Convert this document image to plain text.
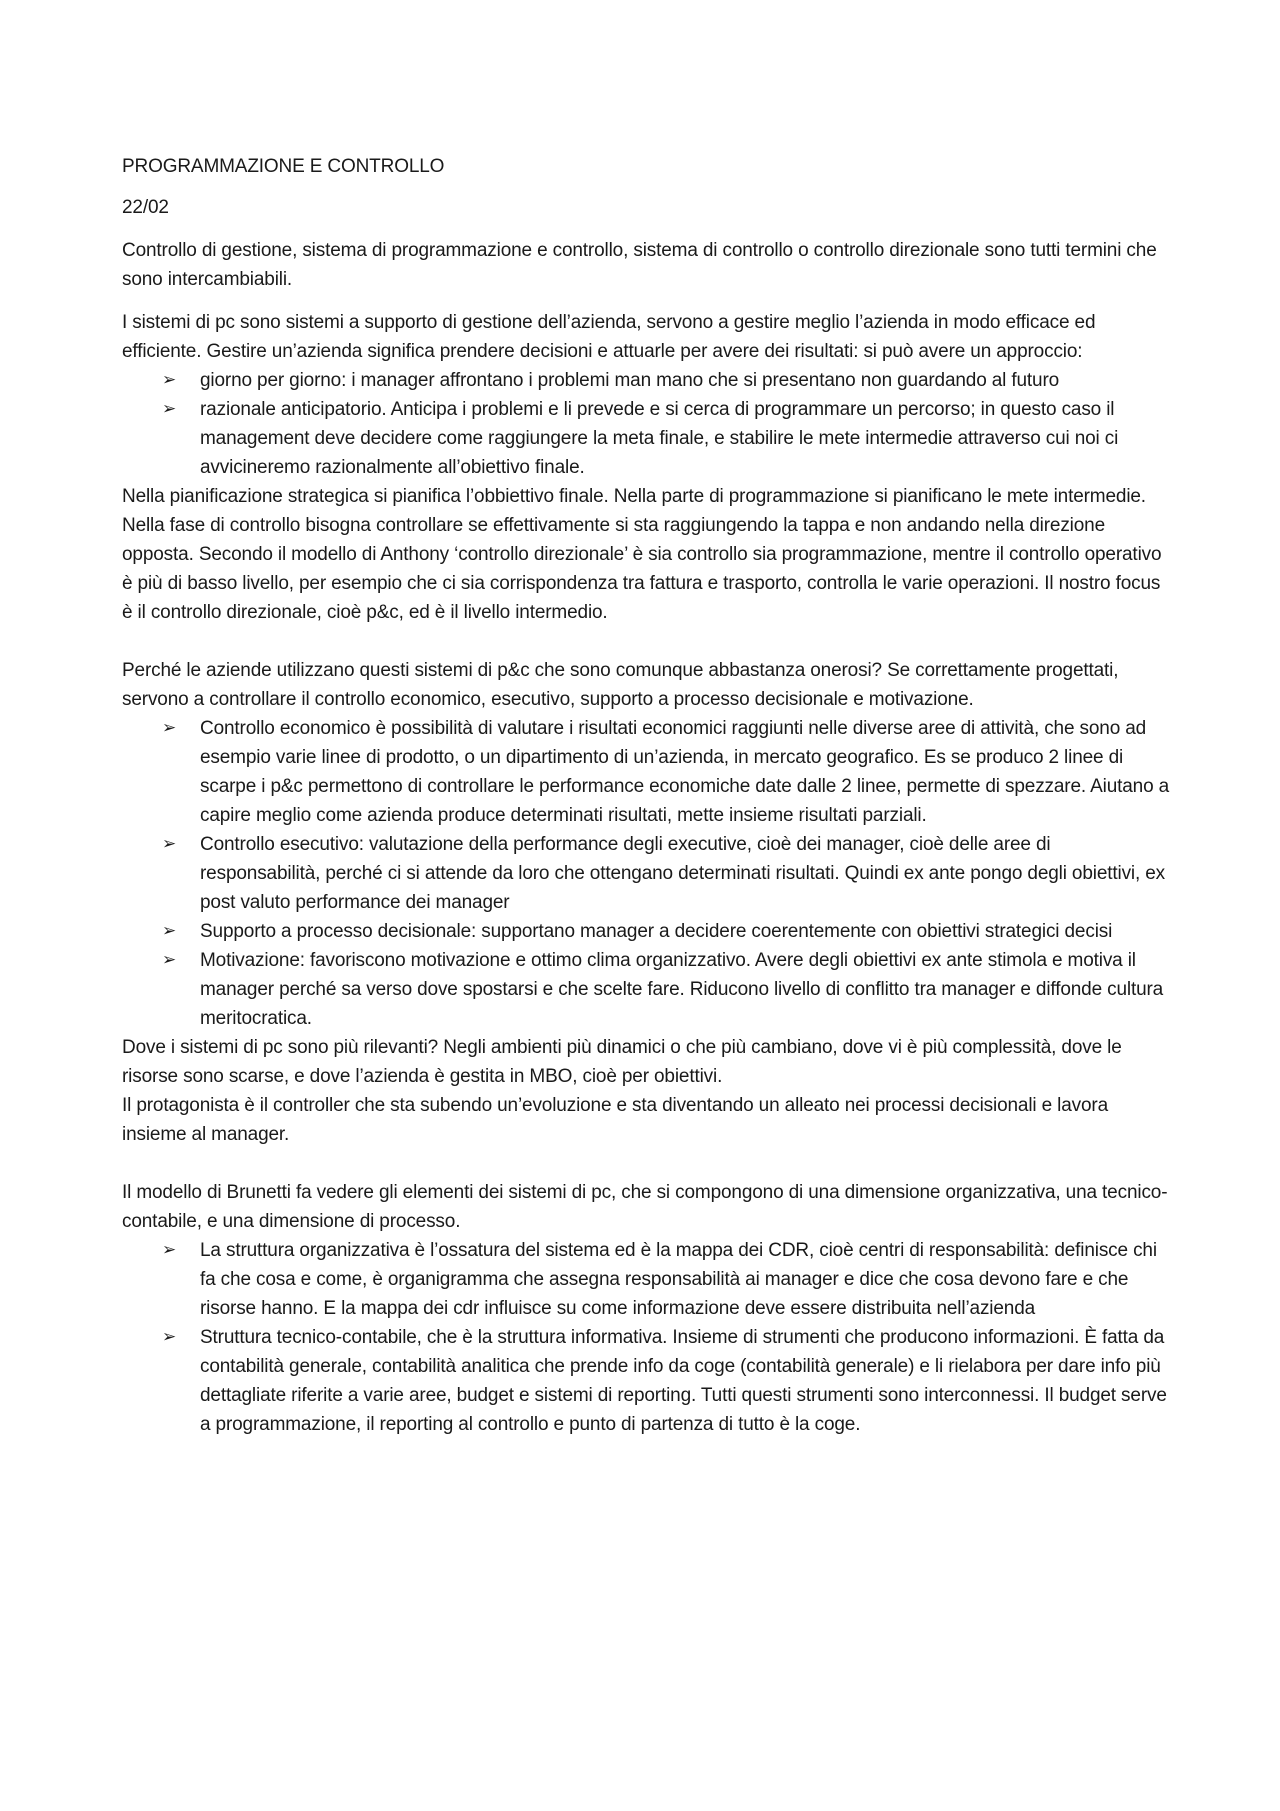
PROGRAMMAZIONE E CONTROLLO

22/02

Controllo di gestione, sistema di programmazione e controllo, sistema di controllo o controllo direzionale sono tutti termini che sono intercambiabili.

I sistemi di pc sono sistemi a supporto di gestione dell’azienda, servono a gestire meglio l’azienda in modo efficace ed efficiente. Gestire un’azienda significa prendere decisioni e attuarle per avere dei risultati: si può avere un approccio:

➢ giorno per giorno: i manager affrontano i problemi man mano che si presentano non guardando al futuro
➢ razionale anticipatorio. Anticipa i problemi e li prevede e si cerca di programmare un percorso; in questo caso il management deve decidere come raggiungere la meta finale, e stabilire le mete intermedie attraverso cui noi ci avvicineremo razionalmente all’obiettivo finale.

Nella pianificazione strategica si pianifica l’obbiettivo finale. Nella parte di programmazione si pianificano le mete intermedie. Nella fase di controllo bisogna controllare se effettivamente si sta raggiungendo la tappa e non andando nella direzione opposta. Secondo il modello di Anthony ‘controllo direzionale’ è sia controllo sia programmazione, mentre il controllo operativo è più di basso livello, per esempio che ci sia corrispondenza tra fattura e trasporto, controlla le varie operazioni. Il nostro focus è il controllo direzionale, cioè p&c, ed è il livello intermedio.

Perché le aziende utilizzano questi sistemi di p&c che sono comunque abbastanza onerosi? Se correttamente progettati, servono a controllare il controllo economico, esecutivo, supporto a processo decisionale e motivazione.

➢ Controllo economico è possibilità di valutare i risultati economici raggiunti nelle diverse aree di attività, che sono ad esempio varie linee di prodotto, o un dipartimento di un’azienda, in mercato geografico. Es se produco 2 linee di scarpe i p&c permettono di controllare le performance economiche date dalle 2 linee, permette di spezzare. Aiutano a capire meglio come azienda produce determinati risultati, mette insieme risultati parziali.
➢ Controllo esecutivo: valutazione della performance degli executive, cioè dei manager, cioè delle aree di responsabilità, perché ci si attende da loro che ottengano determinati risultati. Quindi ex ante pongo degli obiettivi, ex post valuto performance dei manager
➢ Supporto a processo decisionale: supportano manager a decidere coerentemente con obiettivi strategici decisi
➢ Motivazione: favoriscono motivazione e ottimo clima organizzativo. Avere degli obiettivi ex ante stimola e motiva il manager perché sa verso dove spostarsi e che scelte fare. Riducono livello di conflitto tra manager e diffonde cultura meritocratica.

Dove i sistemi di pc sono più rilevanti? Negli ambienti più dinamici o che più cambiano, dove vi è più complessità, dove le risorse sono scarse, e dove l’azienda è gestita in MBO, cioè per obiettivi.

Il protagonista è il controller che sta subendo un’evoluzione e sta diventando un alleato nei processi decisionali e lavora insieme al manager.

Il modello di Brunetti fa vedere gli elementi dei sistemi di pc, che si compongono di una dimensione organizzativa, una tecnico-contabile, e una dimensione di processo.

➢ La struttura organizzativa è l’ossatura del sistema ed è la mappa dei CDR, cioè centri di responsabilità: definisce chi fa che cosa e come, è organigramma che assegna responsabilità ai manager e dice che cosa devono fare e che risorse hanno. E la mappa dei cdr influisce su come informazione deve essere distribuita nell’azienda
➢ Struttura tecnico-contabile, che è la struttura informativa. Insieme di strumenti che producono informazioni. È fatta da contabilità generale, contabilità analitica che prende info da coge (contabilità generale) e li rielabora per dare info più dettagliate riferite a varie aree, budget e sistemi di reporting. Tutti questi strumenti sono interconnessi. Il budget serve a programmazione, il reporting al controllo e punto di partenza di tutto è la coge.
